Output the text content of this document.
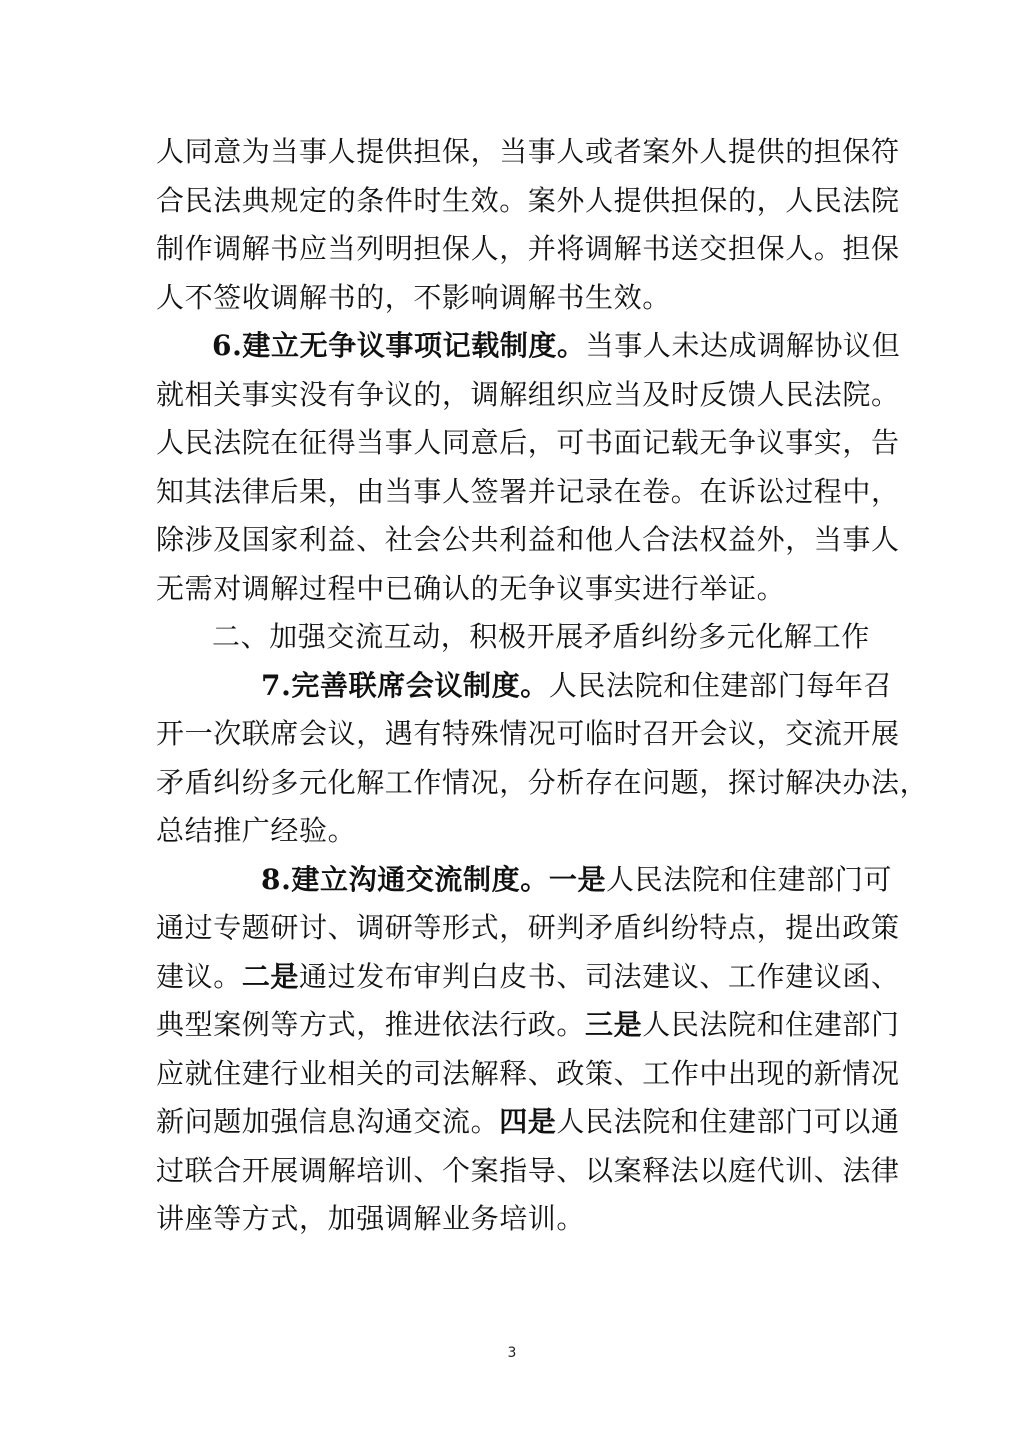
人同意为当事人提供担保，当事人或者案外人提供的担保符
合民法典规定的条件时生效。案外人提供担保的，人民法院
制作调解书应当列明担保人，并将调解书送交担保人。担保
人不签收调解书的，不影响调解书生效。
6.建立无争议事项记载制度。当事人未达成调解协议但
就相关事实没有争议的，调解组织应当及时反馈人民法院。
人民法院在征得当事人同意后，可书面记载无争议事实，告
知其法律后果，由当事人签署并记录在卷。在诉讼过程中，
除涉及国家利益、社会公共利益和他人合法权益外，当事人
无需对调解过程中已确认的无争议事实进行举证。
二、加强交流互动，积极开展矛盾纠纷多元化解工作
7.完善联席会议制度。人民法院和住建部门每年召
开一次联席会议，遇有特殊情况可临时召开会议，交流开展
矛盾纠纷多元化解工作情况，分析存在问题，探讨解决办法，
总结推广经验。
8.建立沟通交流制度。一是人民法院和住建部门可
通过专题研讨、调研等形式，研判矛盾纠纷特点，提出政策
建议。二是通过发布审判白皮书、司法建议、工作建议函、
典型案例等方式，推进依法行政。三是人民法院和住建部门
应就住建行业相关的司法解释、政策、工作中出现的新情况
新问题加强信息沟通交流。四是人民法院和住建部门可以通
过联合开展调解培训、个案指导、以案释法以庭代训、法律
讲座等方式，加强调解业务培训。
3
